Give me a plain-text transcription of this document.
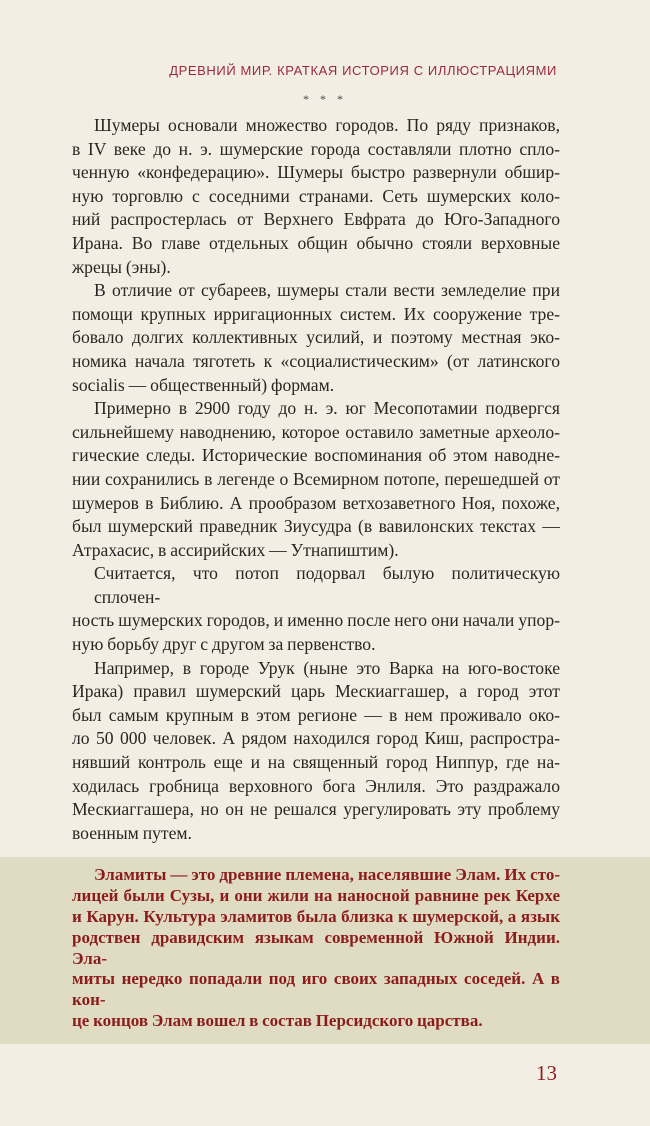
ДРЕВНИЙ МИР. КРАТКАЯ ИСТОРИЯ С ИЛЛЮСТРАЦИЯМИ
* * *
Шумеры основали множество городов. По ряду признаков,
в IV веке до н. э. шумерские города составляли плотно спло-
ченную «конфедерацию». Шумеры быстро развернули обшир-
ную торговлю с соседними странами. Сеть шумерских коло-
ний распростерлась от Верхнего Евфрата до Юго-Западного
Ирана. Во главе отдельных общин обычно стояли верховные
жрецы (эны).
В отличие от субареев, шумеры стали вести земледелие при
помощи крупных ирригационных систем. Их сооружение тре-
бовало долгих коллективных усилий, и поэтому местная эко-
номика начала тяготеть к «социалистическим» (от латинского
socialis — общественный) формам.
Примерно в 2900 году до н. э. юг Месопотамии подвергся
сильнейшему наводнению, которое оставило заметные археоло-
гические следы. Исторические воспоминания об этом наводне-
нии сохранились в легенде о Всемирном потопе, перешедшей от
шумеров в Библию. А прообразом ветхозаветного Ноя, похоже,
был шумерский праведник Зиусудра (в вавилонских текстах —
Атрахасис, в ассирийских — Утнапиштим).
Считается, что потоп подорвал былую политическую сплочен-
ность шумерских городов, и именно после него они начали упор-
ную борьбу друг с другом за первенство.
Например, в городе Урук (ныне это Варка на юго-востоке
Ирака) правил шумерский царь Мескиаггашер, а город этот
был самым крупным в этом регионе — в нем проживало око-
ло 50 000 человек. А рядом находился город Киш, распростра-
нявший контроль еще и на священный город Ниппур, где на-
ходилась гробница верховного бога Энлиля. Это раздражало
Мескиаггашера, но он не решался урегулировать эту проблему
военным путем.
Эламиты — это древние племена, населявшие Элам. Их сто-
лицей были Сузы, и они жили на наносной равнине рек Керхе
и Карун. Культура эламитов была близка к шумерской, а язык
родствен дравидским языкам современной Южной Индии. Эла-
миты нередко попадали под иго своих западных соседей. А в кон-
це концов Элам вошел в состав Персидского царства.
13
